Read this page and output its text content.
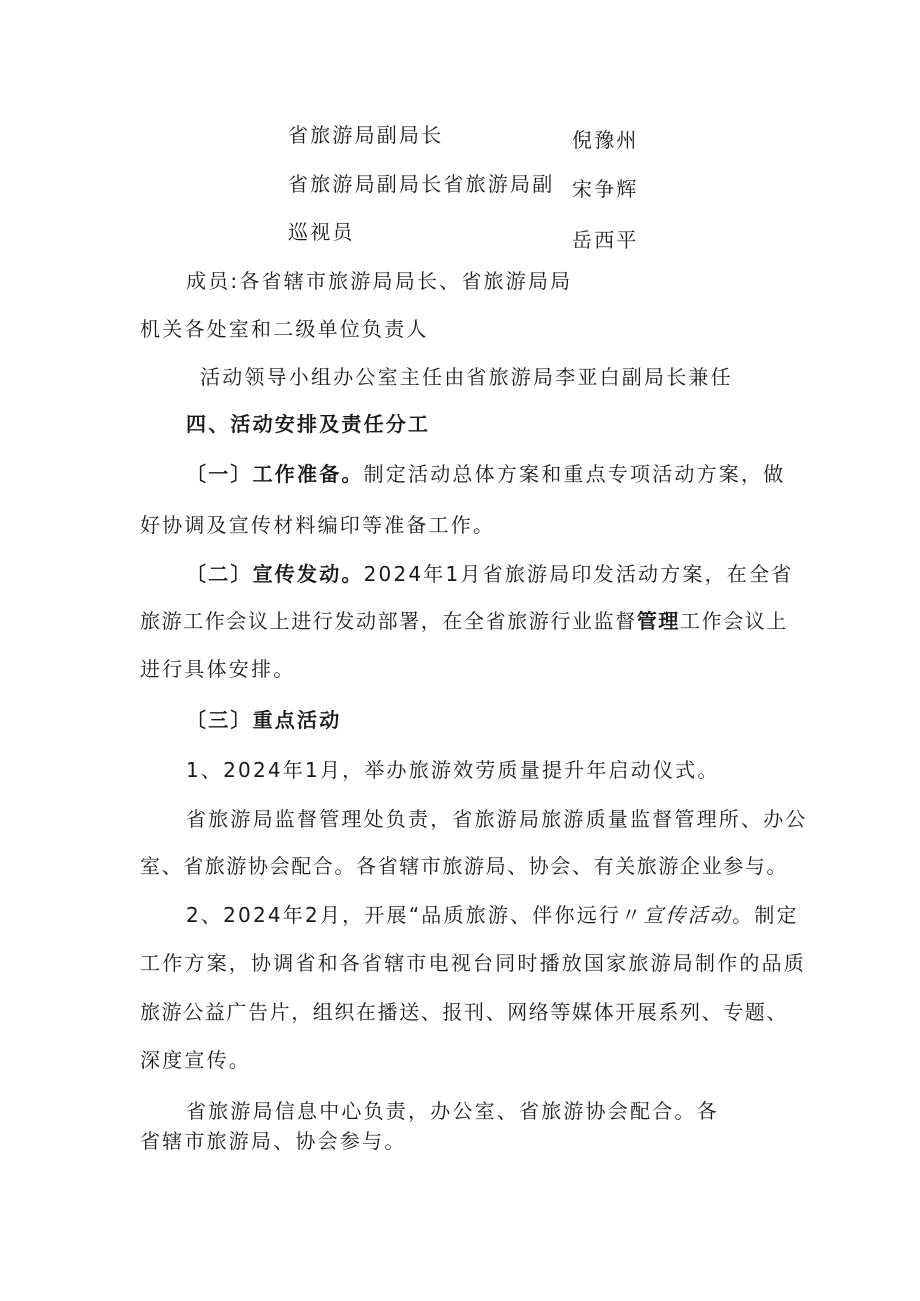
省旅游局副局长	倪豫州
省旅游局副局长省旅游局副 宋争辉
巡视员	岳西平
成员:各省辖市旅游局局长、省旅游局局
机关各处室和二级单位负责人
活动领导小组办公室主任由省旅游局李亚白副局长兼任
四、活动安排及责任分工
〔一〕工作准备。制定活动总体方案和重点专项活动方案，做
好协调及宣传材料编印等准备工作。
〔二〕宣传发动。2024年1月省旅游局印发活动方案，在全省
旅游工作会议上进行发动部署，在全省旅游行业监督管理工作会议上
进行具体安排。
〔三〕重点活动
1、2024年1月，举办旅游效劳质量提升年启动仪式。
省旅游局监督管理处负责，省旅游局旅游质量监督管理所、办公
室、省旅游协会配合。各省辖市旅游局、协会、有关旅游企业参与。
2、2024年2月，开展“品质旅游、伴你远行〃宣传活动。制定
工作方案，协调省和各省辖市电视台同时播放国家旅游局制作的品质
旅游公益广告片，组织在播送、报刊、网络等媒体开展系列、专题、
深度宣传。
省旅游局信息中心负责，办公室、省旅游协会配合。各
省辖市旅游局、协会参与。
